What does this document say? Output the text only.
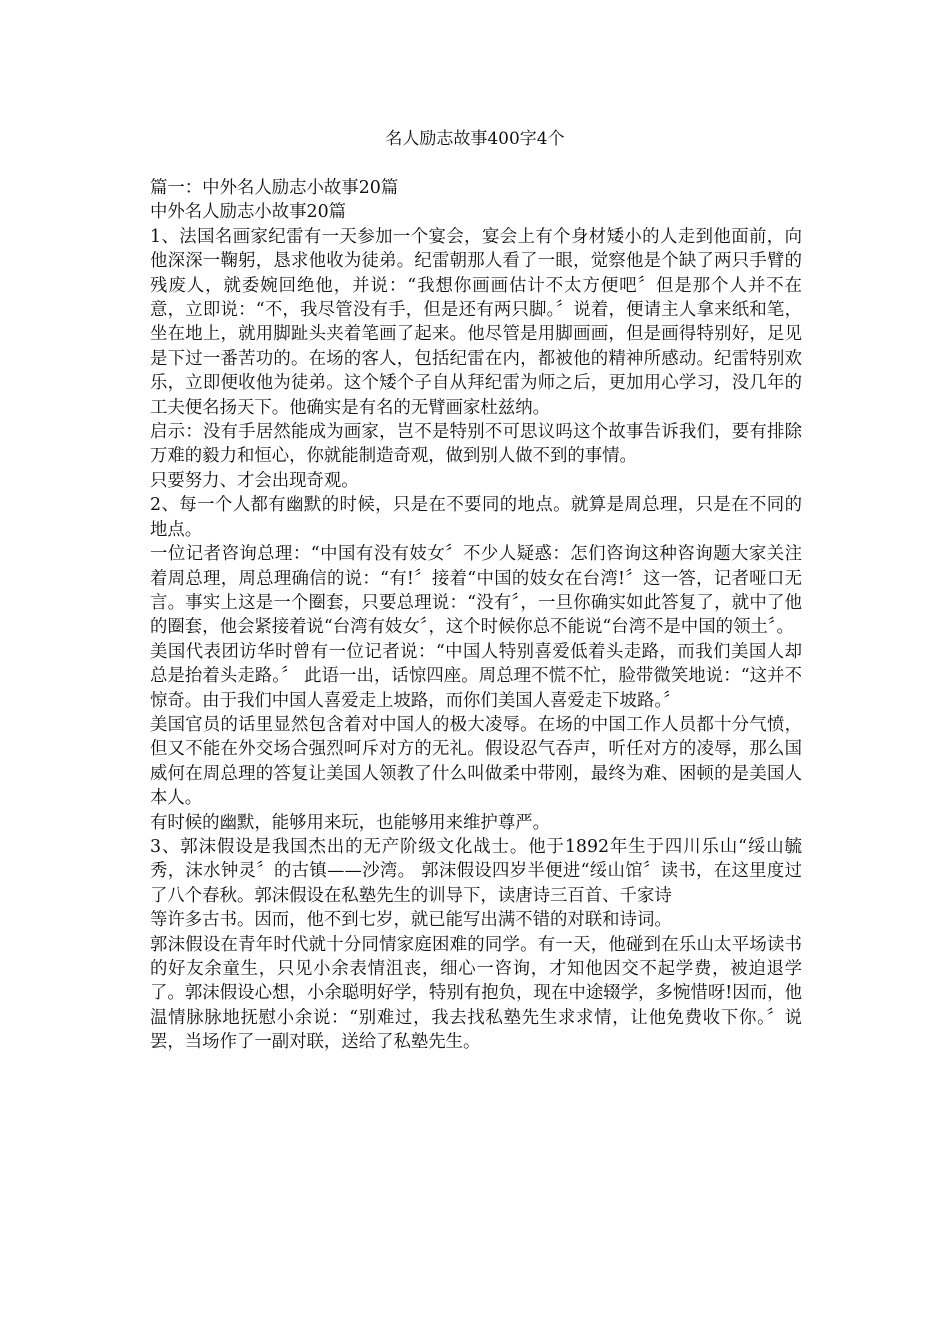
名人励志故事400字4个

篇一：中外名人励志小故事20篇

中外名人励志小故事20篇

1、法国名画家纪雷有一天参加一个宴会，宴会上有个身材矮小的人走到他面前，向他深深一鞠躬，恳求他收为徒弟。纪雷朝那人看了一眼，觉察他是个缺了两只手臂的残废人，就委婉回绝他，并说：“我想你画画估计不太方便吧〞但是那个人并不在意，立即说：“不，我尽管没有手，但是还有两只脚。〞说着，便请主人拿来纸和笔，坐在地上，就用脚趾头夹着笔画了起来。他尽管是用脚画画，但是画得特别好，足见是下过一番苦功的。在场的客人，包括纪雷在内，都被他的精神所感动。纪雷特别欢乐，立即便收他为徒弟。这个矮个子自从拜纪雷为师之后，更加用心学习，没几年的工夫便名扬天下。他确实是有名的无臂画家杜兹纳。

启示：没有手居然能成为画家，岂不是特别不可思议吗这个故事告诉我们，要有排除万难的毅力和恒心，你就能制造奇观，做到别人做不到的事情。

只要努力、才会出现奇观。

2、每一个人都有幽默的时候，只是在不要同的地点。就算是周总理，只是在不同的地点。

一位记者咨询总理：“中国有没有妓女〞不少人疑惑：怎们咨询这种咨询题大家关注着周总理，周总理确信的说：“有!〞接着“中国的妓女在台湾!〞这一答，记者哑口无言。事实上这是一个圈套，只要总理说：“没有〞，一旦你确实如此答复了，就中了他的圈套，他会紧接着说“台湾有妓女〞，这个时候你总不能说“台湾不是中国的领土〞。

美国代表团访华时曾有一位记者说：“中国人特别喜爱低着头走路，而我们美国人却总是抬着头走路。〞 此语一出，话惊四座。周总理不慌不忙，脸带微笑地说：“这并不惊奇。由于我们中国人喜爱走上坡路，而你们美国人喜爱走下坡路。〞

美国官员的话里显然包含着对中国人的极大凌辱。在场的中国工作人员都十分气愤，但又不能在外交场合强烈呵斥对方的无礼。假设忍气吞声，听任对方的凌辱，那么国威何在周总理的答复让美国人领教了什么叫做柔中带刚，最终为难、困顿的是美国人本人。

有时候的幽默，能够用来玩，也能够用来维护尊严。

3、郭沫假设是我国杰出的无产阶级文化战士。他于1892年生于四川乐山“绥山毓秀，沫水钟灵〞的古镇——沙湾。 郭沫假设四岁半便进“绥山馆〞读书，在这里度过了八个春秋。郭沫假设在私塾先生的训导下，读唐诗三百首、千家诗

等许多古书。因而，他不到七岁，就已能写出满不错的对联和诗词。

郭沫假设在青年时代就十分同情家庭困难的同学。有一天，他碰到在乐山太平场读书的好友余童生，只见小余表情沮丧，细心一咨询，才知他因交不起学费，被迫退学了。郭沫假设心想，小余聪明好学，特别有抱负，现在中途辍学，多惋惜呀!因而，他温情脉脉地抚慰小余说：“别难过，我去找私塾先生求求情，让他免费收下你。〞说罢，当场作了一副对联，送给了私塾先生。
